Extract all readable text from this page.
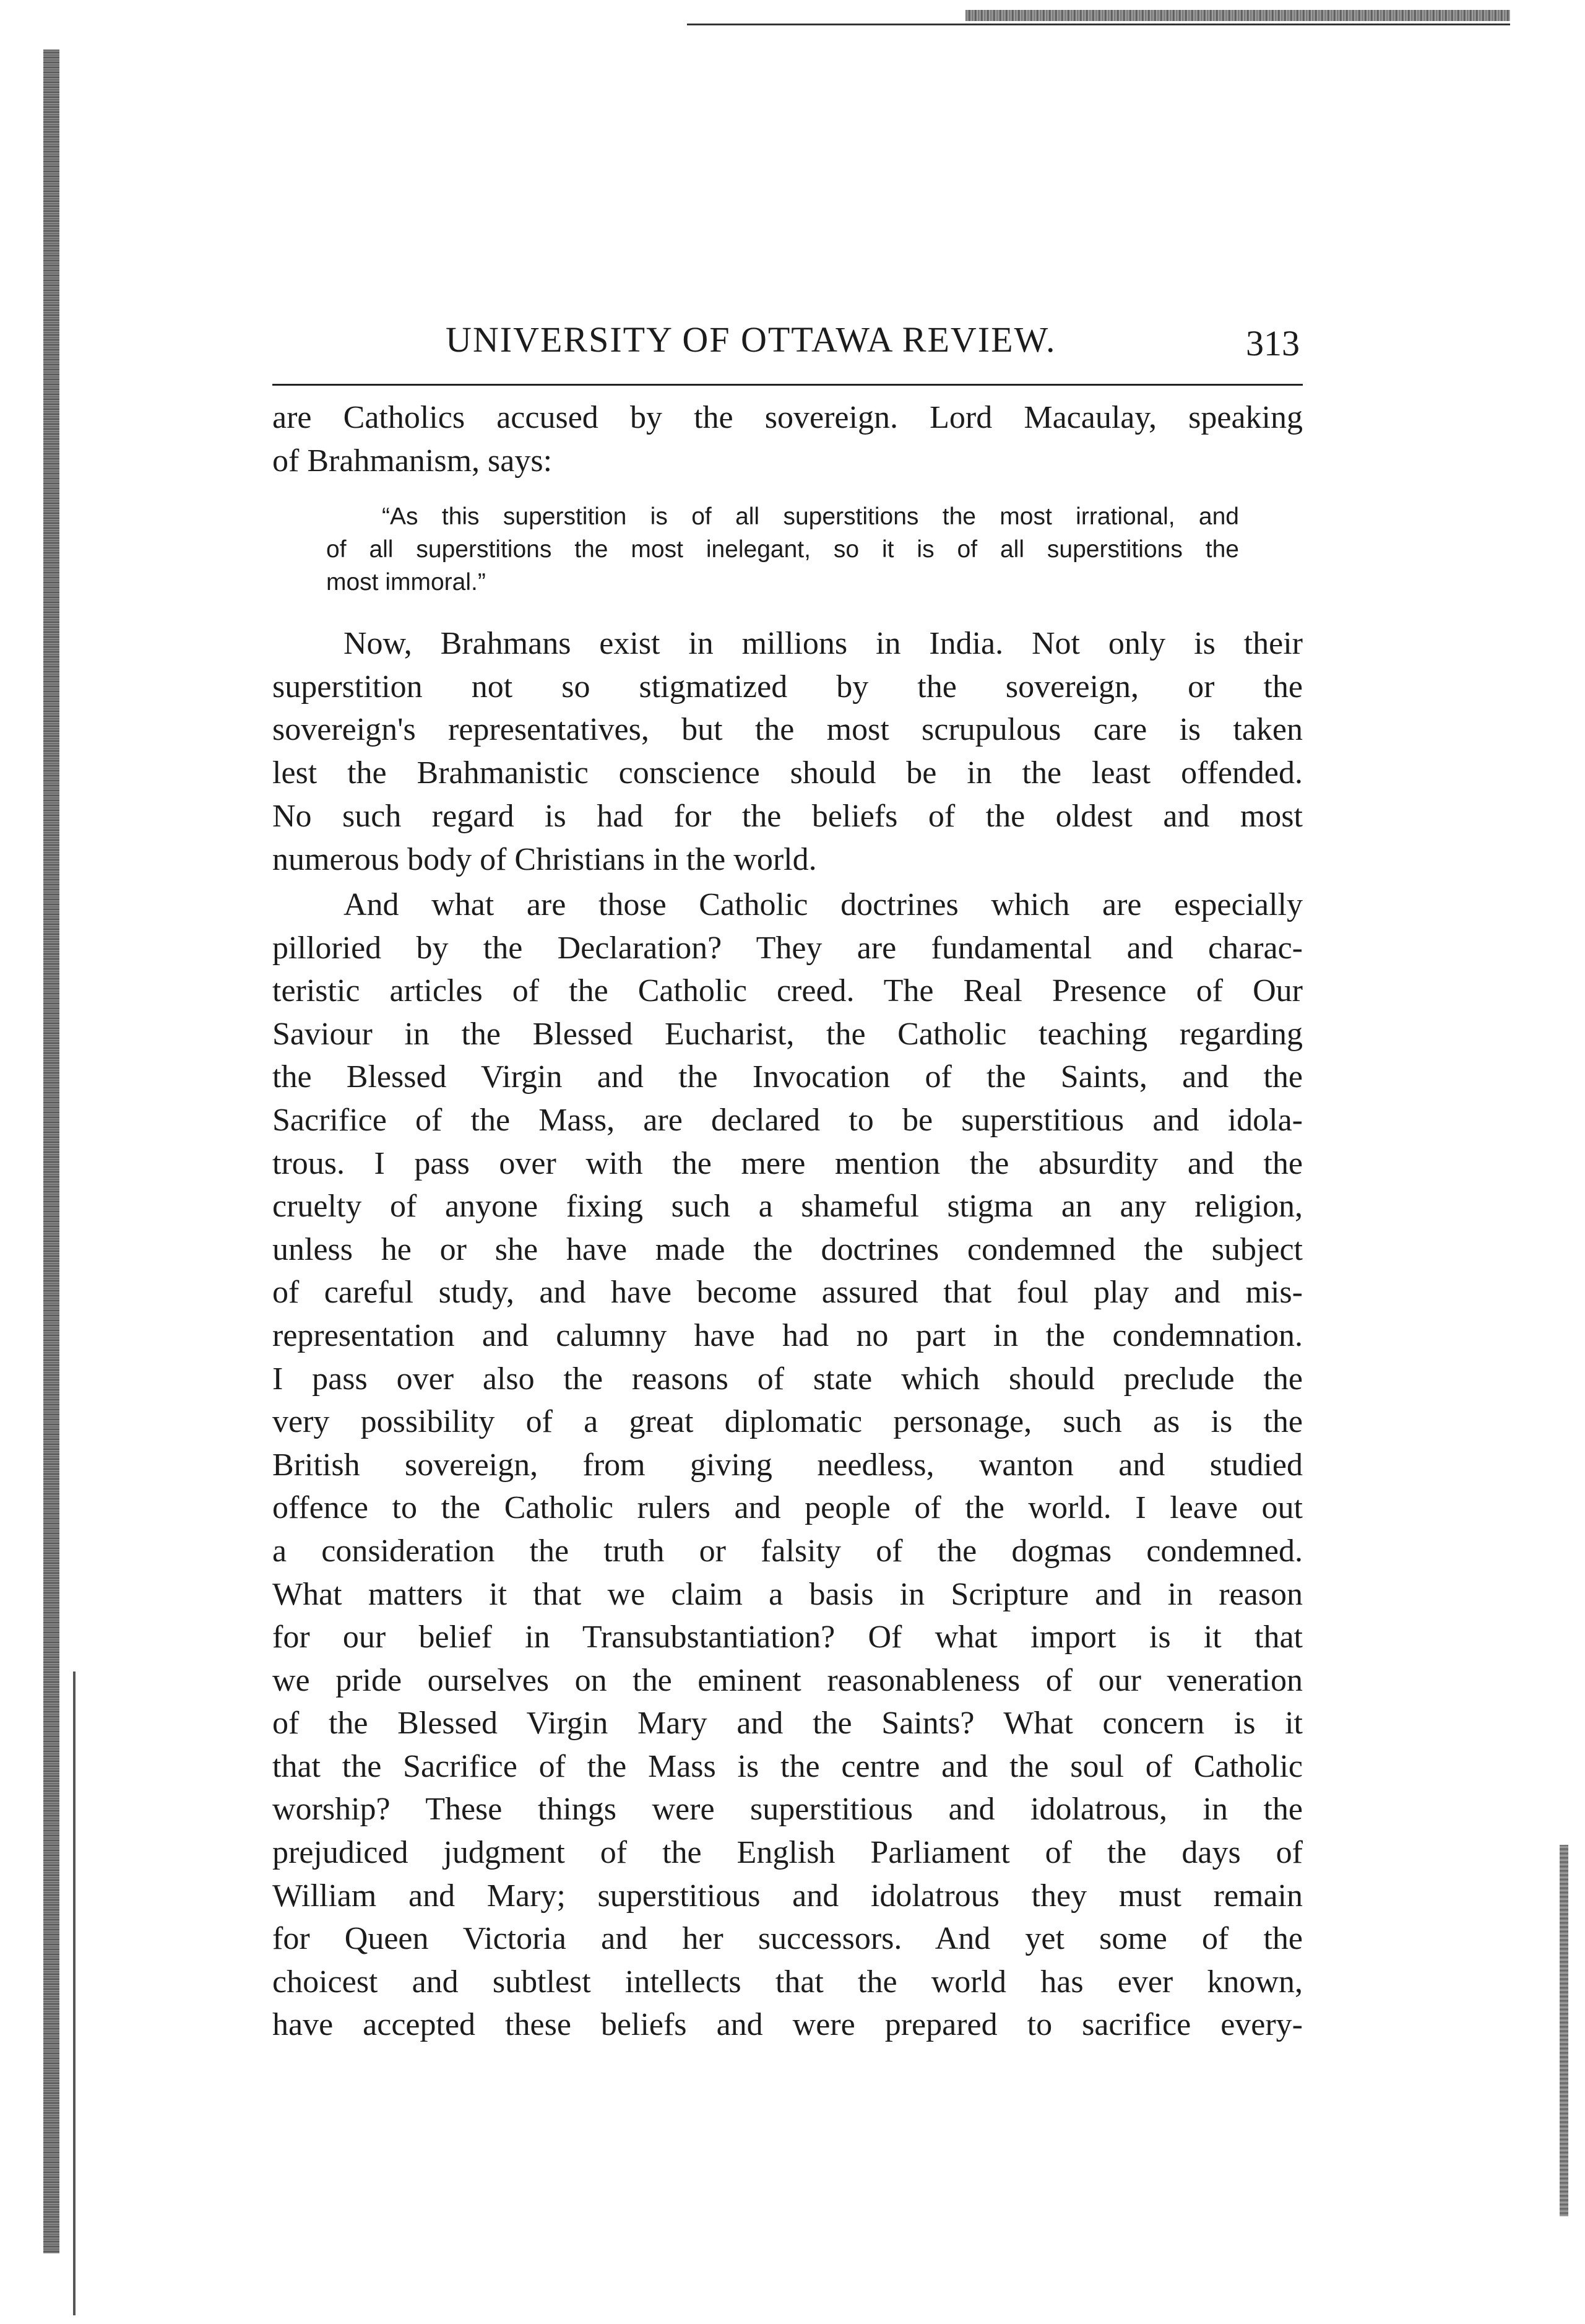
UNIVERSITY OF OTTAWA REVIEW.	313
are Catholics accused by the sovereign. Lord Macaulay, speaking
of Brahmanism, says:
“As this superstition is of all superstitions the most irrational, and
of all superstitions the most inelegant, so it is of all superstitions the
most immoral.”
Now, Brahmans exist in millions in India. Not only is their
superstition not so stigmatized by the sovereign, or the
sovereign's representatives, but the most scrupulous care is taken
lest the Brahmanistic conscience should be in the least offended.
No such regard is had for the beliefs of the oldest and most
numerous body of Christians in the world.
And what are those Catholic doctrines which are especially
pilloried by the Declaration? They are fundamental and charac-
teristic articles of the Catholic creed. The Real Presence of Our
Saviour in the Blessed Eucharist, the Catholic teaching regarding
the Blessed Virgin and the Invocation of the Saints, and the
Sacrifice of the Mass, are declared to be superstitious and idola-
trous. I pass over with the mere mention the absurdity and the
cruelty of anyone fixing such a shameful stigma an any religion,
unless he or she have made the doctrines condemned the subject
of careful study, and have become assured that foul play and mis-
representation and calumny have had no part in the condemnation.
I pass over also the reasons of state which should preclude the
very possibility of a great diplomatic personage, such as is the
British sovereign, from giving needless, wanton and studied
offence to the Catholic rulers and people of the world. I leave out
a consideration the truth or falsity of the dogmas condemned.
What matters it that we claim a basis in Scripture and in reason
for our belief in Transubstantiation? Of what import is it that
we pride ourselves on the eminent reasonableness of our veneration
of the Blessed Virgin Mary and the Saints? What concern is it
that the Sacrifice of the Mass is the centre and the soul of Catholic
worship? These things were superstitious and idolatrous, in the
prejudiced judgment of the English Parliament of the days of
William and Mary; superstitious and idolatrous they must remain
for Queen Victoria and her successors. And yet some of the
choicest and subtlest intellects that the world has ever known,
have accepted these beliefs and were prepared to sacrifice every-
